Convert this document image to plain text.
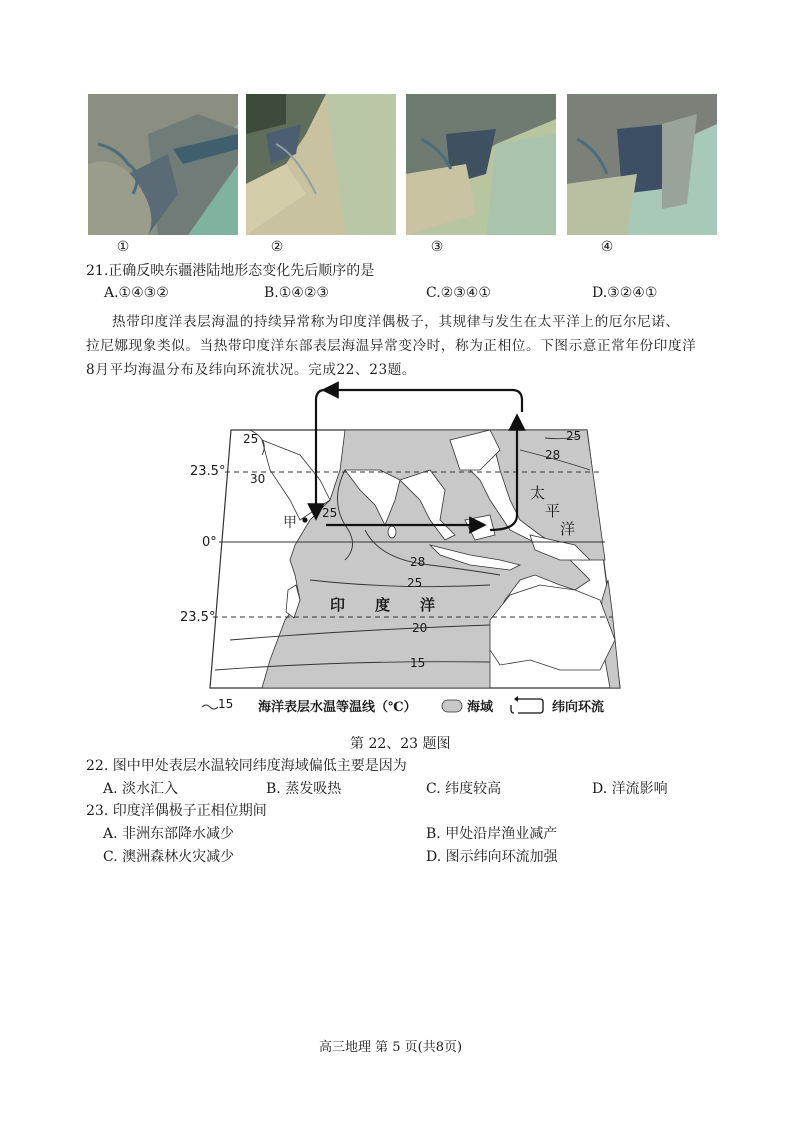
①	②	③	④
21.正确反映东疆港陆地形态变化先后顺序的是
A.①④③②	B.①④②③	C.②③④①	D.③②④①
热带印度洋表层海温的持续异常称为印度洋偶极子，其规律与发生在太平洋上的厄尔尼诺、
拉尼娜现象类似。当热带印度洋东部表层海温异常变冷时，称为正相位。下图示意正常年份印度洋
8月平均海温分布及纬向环流状况。完成22、23题。
23.5°
0°
23.5°
25
30
25
28
28
25
20
15
25
甲
太
平
洋
印 度 洋
15 海洋表层水温等温线（℃）	海域	纬向环流
第 22、23 题图
22. 图中甲处表层水温较同纬度海域偏低主要是因为
A. 淡水汇入	B. 蒸发吸热	C. 纬度较高	D. 洋流影响
23. 印度洋偶极子正相位期间
A. 非洲东部降水减少	B. 甲处沿岸渔业减产
C. 澳洲森林火灾减少	D. 图示纬向环流加强
高三地理 第 5 页(共8页)
